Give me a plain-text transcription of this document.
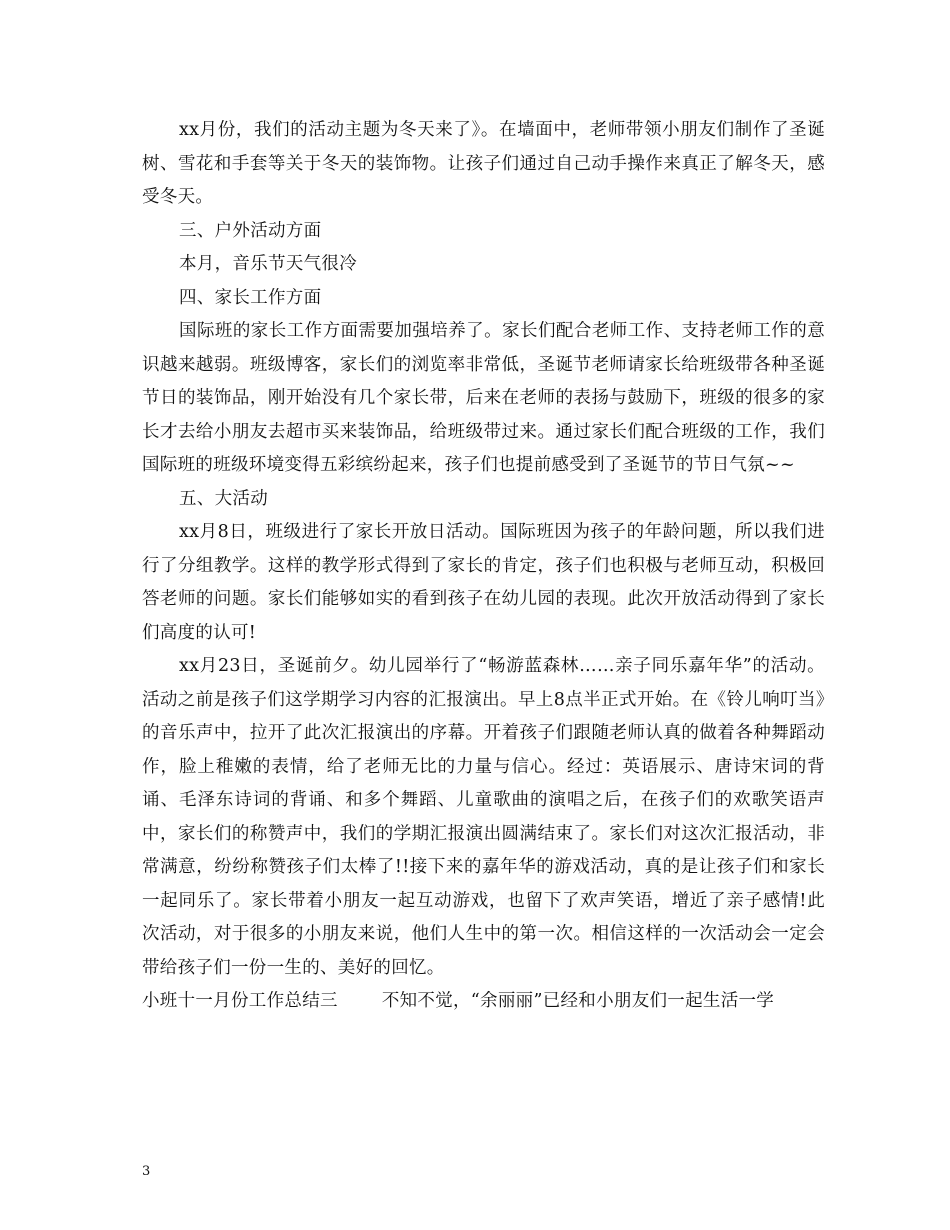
xx月份，我们的活动主题为冬天来了》。在墙面中，老师带领小朋友们制作了圣诞树、雪花和手套等关于冬天的装饰物。让孩子们通过自己动手操作来真正了解冬天，感受冬天。

三、户外活动方面

本月，音乐节天气很冷

四、家长工作方面

国际班的家长工作方面需要加强培养了。家长们配合老师工作、支持老师工作的意识越来越弱。班级博客，家长们的浏览率非常低，圣诞节老师请家长给班级带各种圣诞节日的装饰品，刚开始没有几个家长带，后来在老师的表扬与鼓励下，班级的很多的家长才去给小朋友去超市买来装饰品，给班级带过来。通过家长们配合班级的工作，我们国际班的班级环境变得五彩缤纷起来，孩子们也提前感受到了圣诞节的节日气氛~~

五、大活动

xx月8日，班级进行了家长开放日活动。国际班因为孩子的年龄问题，所以我们进行了分组教学。这样的教学形式得到了家长的肯定，孩子们也积极与老师互动，积极回答老师的问题。家长们能够如实的看到孩子在幼儿园的表现。此次开放活动得到了家长们高度的认可!

xx月23日，圣诞前夕。幼儿园举行了“畅游蓝森林……亲子同乐嘉年华”的活动。活动之前是孩子们这学期学习内容的汇报演出。早上8点半正式开始。在《铃儿响叮当》的音乐声中，拉开了此次汇报演出的序幕。开着孩子们跟随老师认真的做着各种舞蹈动作，脸上稚嫩的表情，给了老师无比的力量与信心。经过：英语展示、唐诗宋词的背诵、毛泽东诗词的背诵、和多个舞蹈、儿童歌曲的演唱之后，在孩子们的欢歌笑语声中，家长们的称赞声中，我们的学期汇报演出圆满结束了。家长们对这次汇报活动，非常满意，纷纷称赞孩子们太棒了!!接下来的嘉年华的游戏活动，真的是让孩子们和家长一起同乐了。家长带着小朋友一起互动游戏，也留下了欢声笑语，增近了亲子感情!此次活动，对于很多的小朋友来说，他们人生中的第一次。相信这样的一次活动会一定会带给孩子们一份一生的、美好的回忆。

小班十一月份工作总结三	不知不觉，“余丽丽”已经和小朋友们一起生活一学

3
